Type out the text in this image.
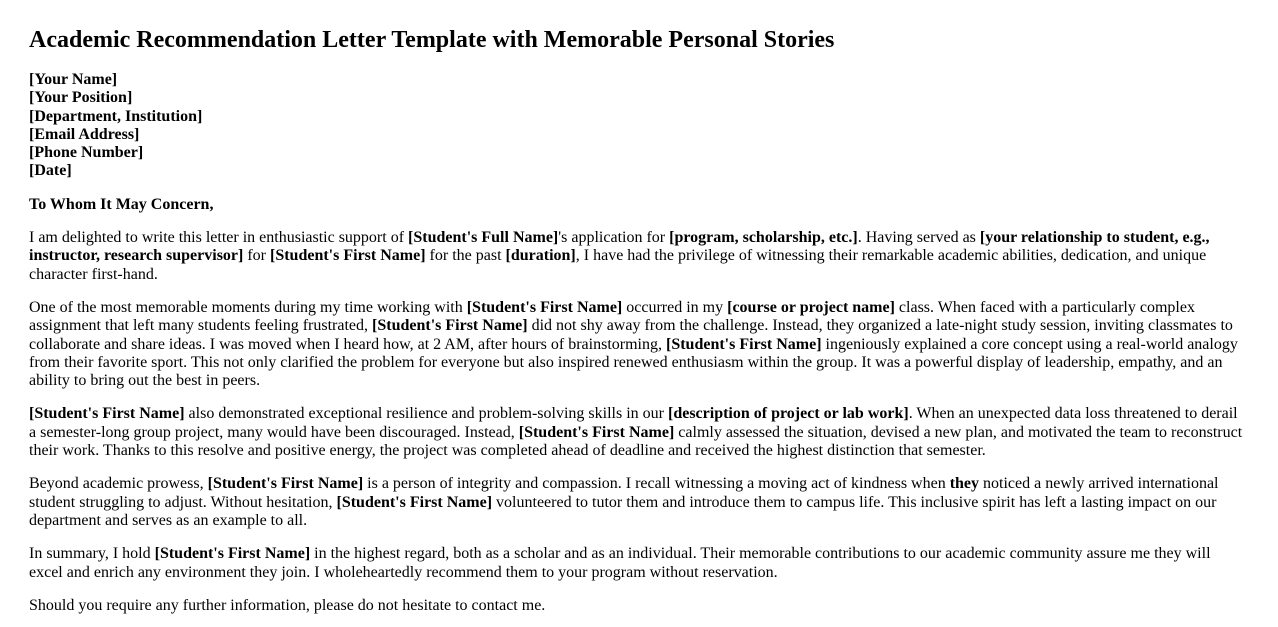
Academic Recommendation Letter Template with Memorable Personal Stories
[Your Name]
[Your Position]
[Department, Institution]
[Email Address]
[Phone Number]
[Date]

To Whom It May Concern,

I am delighted to write this letter in enthusiastic support of [Student's Full Name]'s application for [program, scholarship, etc.]. Having served as [your relationship to student, e.g., instructor, research supervisor] for [Student's First Name] for the past [duration], I have had the privilege of witnessing their remarkable academic abilities, dedication, and unique character first-hand.

One of the most memorable moments during my time working with [Student's First Name] occurred in my [course or project name] class. When faced with a particularly complex assignment that left many students feeling frustrated, [Student's First Name] did not shy away from the challenge. Instead, they organized a late-night study session, inviting classmates to collaborate and share ideas. I was moved when I heard how, at 2 AM, after hours of brainstorming, [Student's First Name] ingeniously explained a core concept using a real-world analogy from their favorite sport. This not only clarified the problem for everyone but also inspired renewed enthusiasm within the group. It was a powerful display of leadership, empathy, and an ability to bring out the best in peers.

[Student's First Name] also demonstrated exceptional resilience and problem-solving skills in our [description of project or lab work]. When an unexpected data loss threatened to derail a semester-long group project, many would have been discouraged. Instead, [Student's First Name] calmly assessed the situation, devised a new plan, and motivated the team to reconstruct their work. Thanks to this resolve and positive energy, the project was completed ahead of deadline and received the highest distinction that semester.

Beyond academic prowess, [Student's First Name] is a person of integrity and compassion. I recall witnessing a moving act of kindness when they noticed a newly arrived international student struggling to adjust. Without hesitation, [Student's First Name] volunteered to tutor them and introduce them to campus life. This inclusive spirit has left a lasting impact on our department and serves as an example to all.

In summary, I hold [Student's First Name] in the highest regard, both as a scholar and as an individual. Their memorable contributions to our academic community assure me they will excel and enrich any environment they join. I wholeheartedly recommend them to your program without reservation.

Should you require any further information, please do not hesitate to contact me.
